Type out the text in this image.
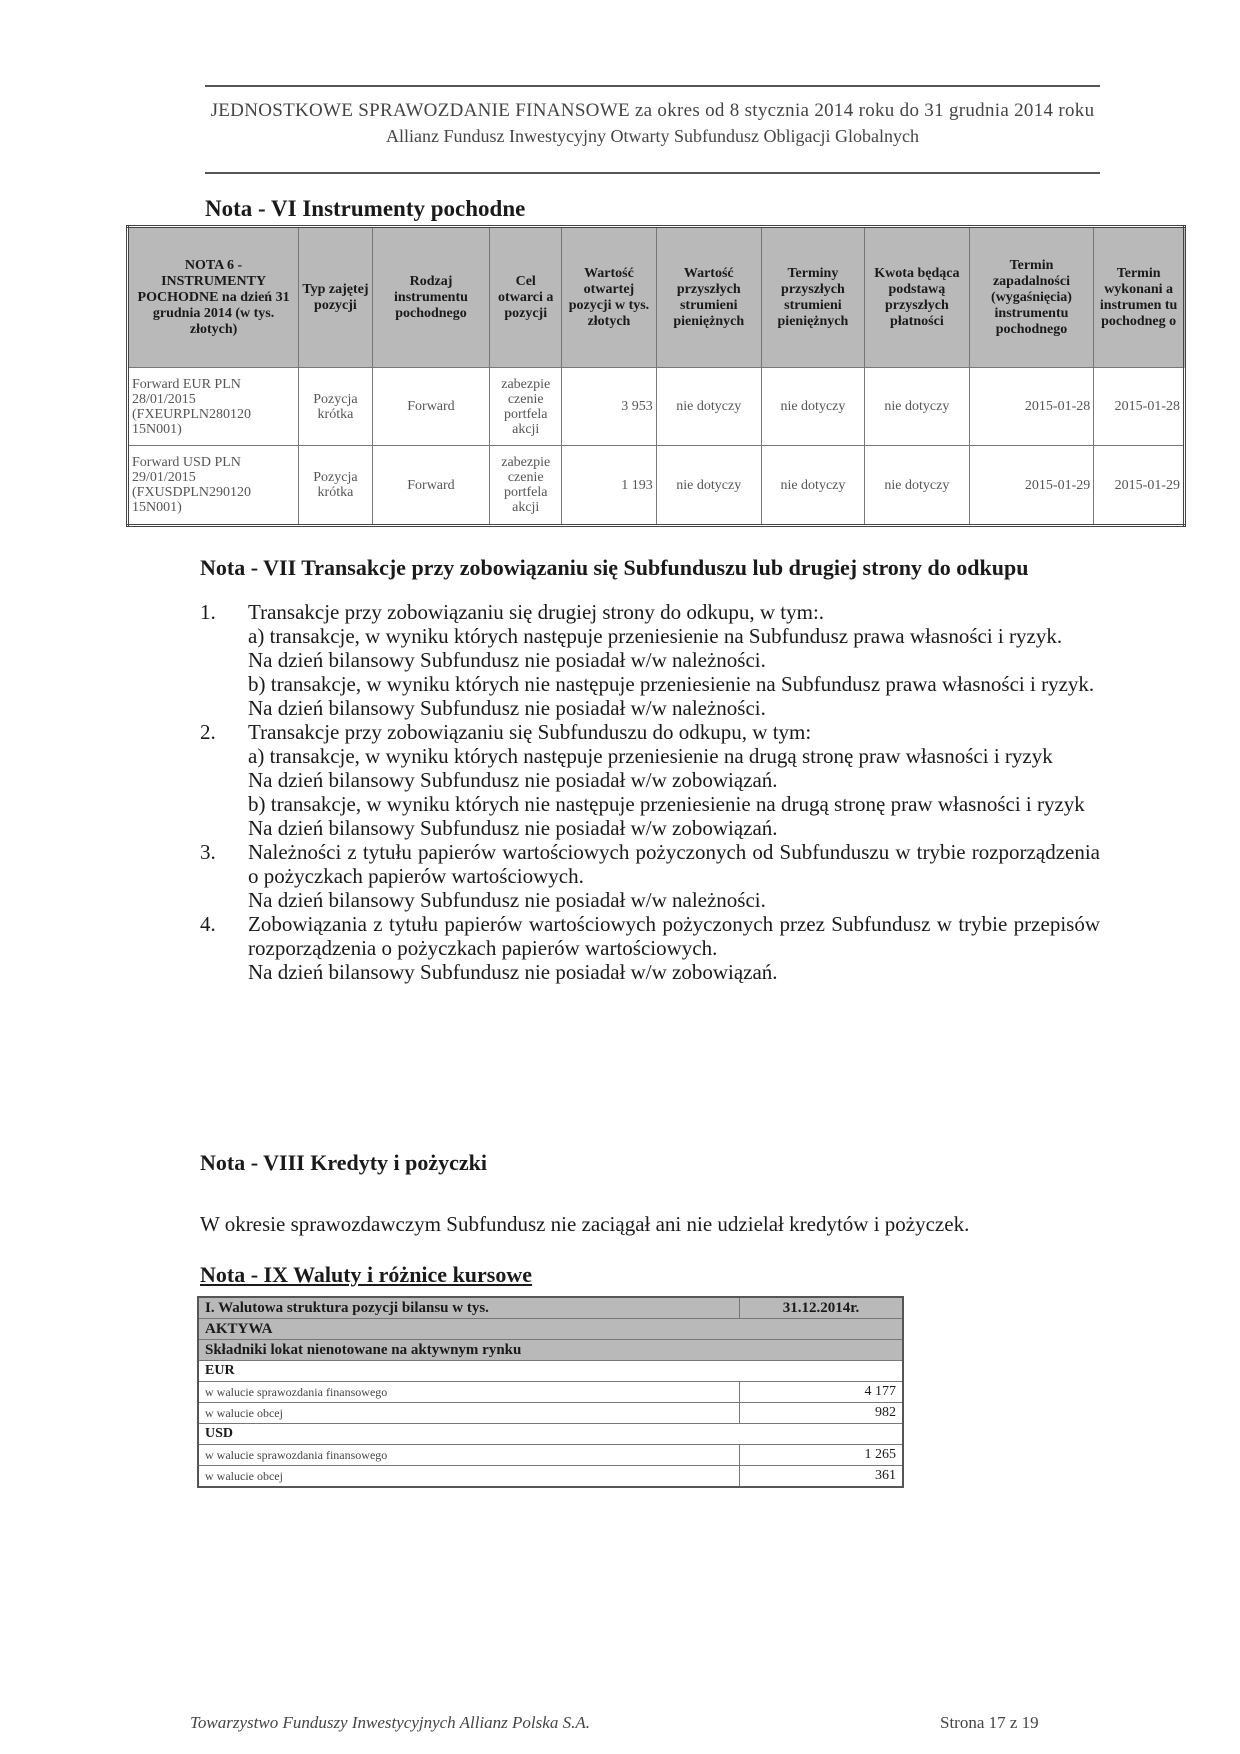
JEDNOSTKOWE SPRAWOZDANIE FINANSOWE za okres od 8 stycznia 2014 roku do 31 grudnia 2014 roku
Allianz Fundusz Inwestycyjny Otwarty Subfundusz Obligacji Globalnych
Nota - VI Instrumenty pochodne
NOTA 6 - INSTRUMENTY POCHODNE na dzień 31 grudnia 2014 (w tys. złotych)	Typ zajętej pozycji	Rodzaj instrumentu pochodnego	Cel otwarci a pozycji	Wartość otwartej pozycji w tys. złotych	Wartość przyszłych strumieni pieniężnych	Terminy przyszłych strumieni pieniężnych	Kwota będąca podstawą przyszłych płatności	Termin zapadalności (wygaśnięcia) instrumentu pochodnego	Termin wykonani a instrumen tu pochodneg o
Forward EUR PLN 28/01/2015 (FXEURPLN280120 15N001)	Pozycja krótka	Forward	zabezpie czenie portfela akcji	3 953	nie dotyczy	nie dotyczy	nie dotyczy	2015-01-28	2015-01-28
Forward USD PLN 29/01/2015 (FXUSDPLN290120 15N001)	Pozycja krótka	Forward	zabezpie czenie portfela akcji	1 193	nie dotyczy	nie dotyczy	nie dotyczy	2015-01-29	2015-01-29
Nota - VII Transakcje przy zobowiązaniu się Subfunduszu lub drugiej strony do odkupu
1. Transakcje przy zobowiązaniu się drugiej strony do odkupu, w tym:.
a) transakcje, w wyniku których następuje przeniesienie na Subfundusz prawa własności i ryzyk.
Na dzień bilansowy Subfundusz nie posiadał w/w należności.
b) transakcje, w wyniku których nie następuje przeniesienie na Subfundusz prawa własności i ryzyk.
Na dzień bilansowy Subfundusz nie posiadał w/w należności.
2. Transakcje przy zobowiązaniu się Subfunduszu do odkupu, w tym:
a) transakcje, w wyniku których następuje przeniesienie na drugą stronę praw własności i ryzyk
Na dzień bilansowy Subfundusz nie posiadał w/w zobowiązań.
b) transakcje, w wyniku których nie następuje przeniesienie na drugą stronę praw własności i ryzyk
Na dzień bilansowy Subfundusz nie posiadał w/w zobowiązań.
3. Należności z tytułu papierów wartościowych pożyczonych od Subfunduszu w trybie rozporządzenia o pożyczkach papierów wartościowych.
Na dzień bilansowy Subfundusz nie posiadał w/w należności.
4. Zobowiązania z tytułu papierów wartościowych pożyczonych przez Subfundusz w trybie przepisów rozporządzenia o pożyczkach papierów wartościowych.
Na dzień bilansowy Subfundusz nie posiadał w/w zobowiązań.
Nota - VIII Kredyty i pożyczki
W okresie sprawozdawczym Subfundusz nie zaciągał ani nie udzielał kredytów i pożyczek.
Nota - IX Waluty i różnice kursowe
I. Walutowa struktura pozycji bilansu w tys.	31.12.2014r.
AKTYWA	
Składniki lokat nienotowane na aktywnym rynku	
EUR	
w walucie sprawozdania finansowego	4 177
w walucie obcej	982
USD	
w walucie sprawozdania finansowego	1 265
w walucie obcej	361
Towarzystwo Funduszy Inwestycyjnych Allianz Polska S.A.	Strona 17 z 19
